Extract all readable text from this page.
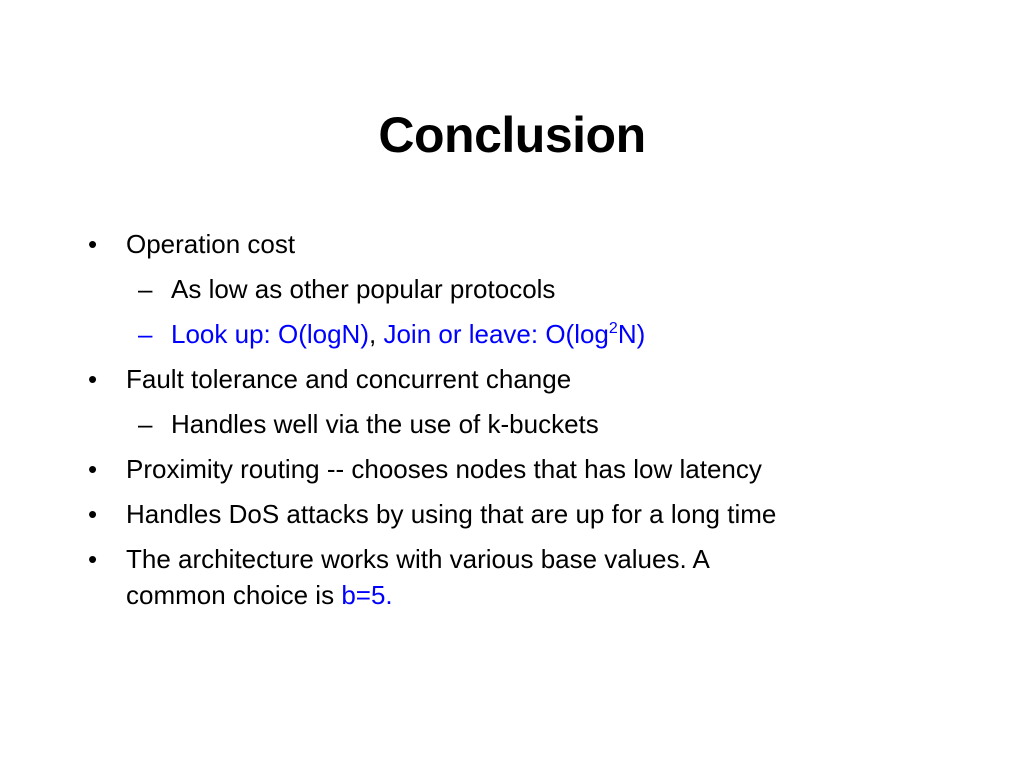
Conclusion
• Operation cost
– As low as other popular protocols
– Look up: O(logN), Join or leave: $O(\log^2N)$
• Fault tolerance and concurrent change
– Handles well via the use of k-buckets
• Proximity routing -- chooses nodes that has low latency
• Handles DoS attacks by using that are up for a long time
• The architecture works with various base values. A
common choice is b=5.
